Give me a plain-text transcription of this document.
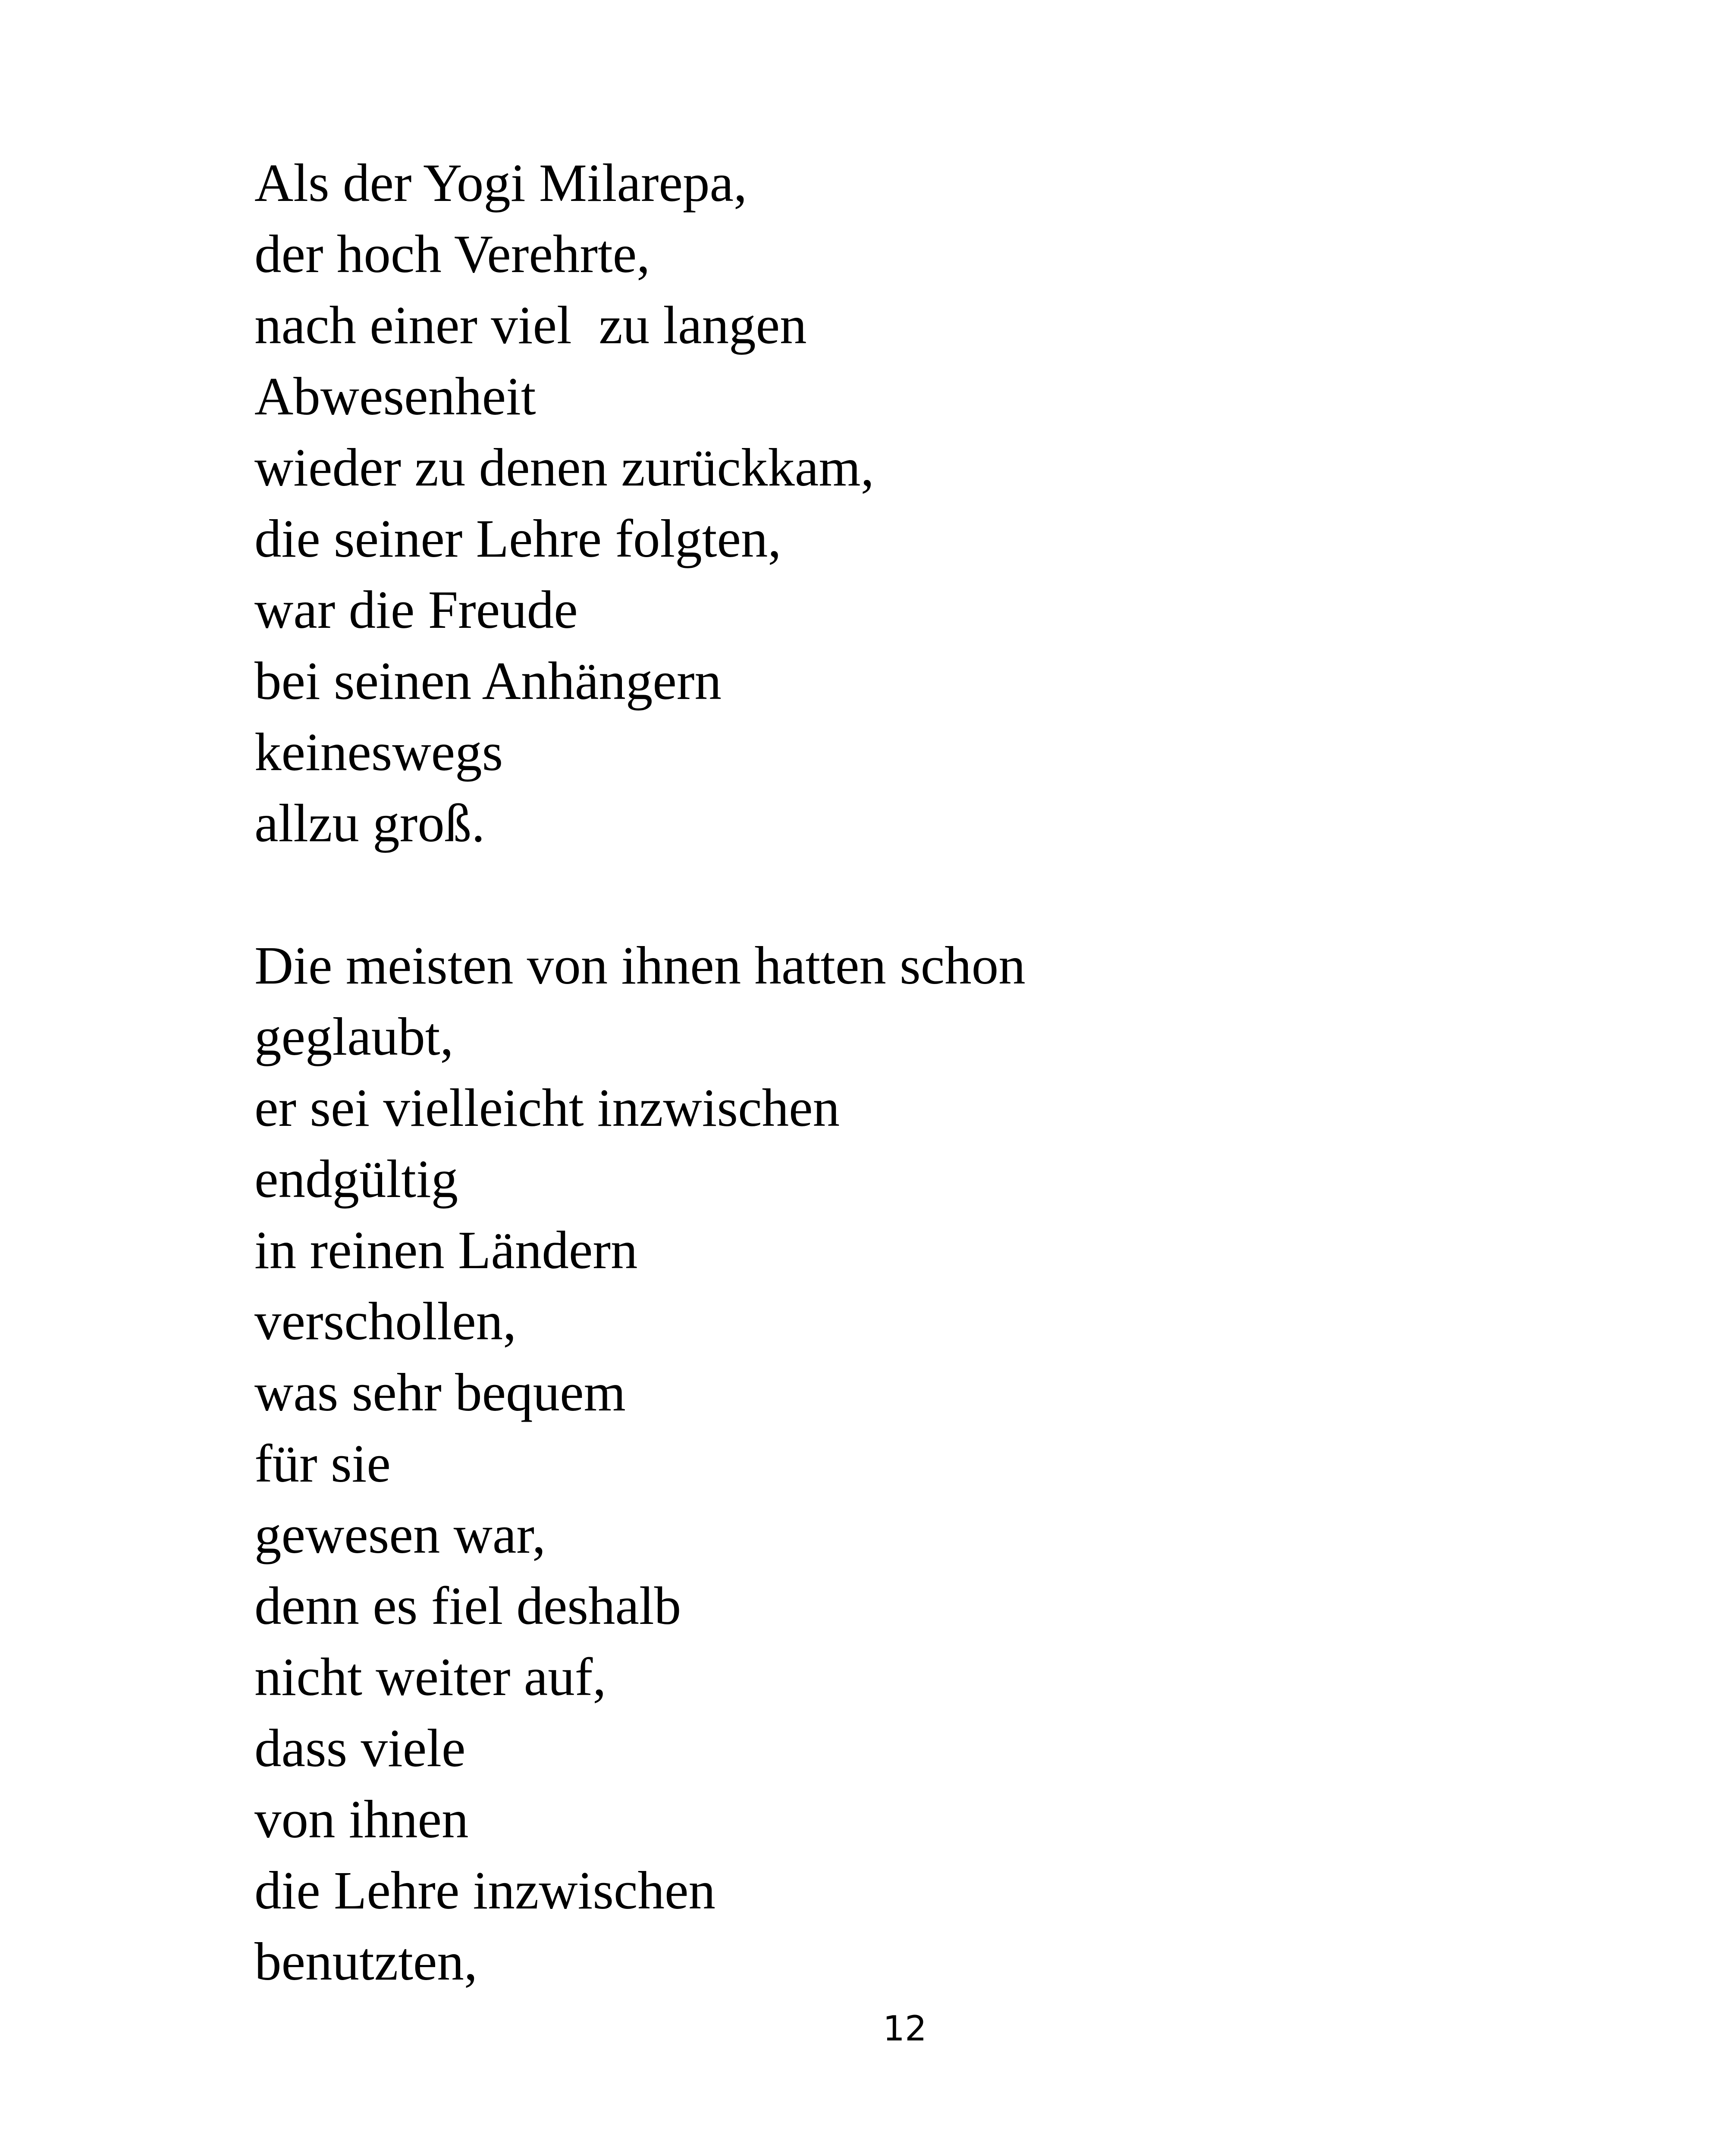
Als der Yogi Milarepa,
der hoch Verehrte,
nach einer viel  zu langen
Abwesenheit
wieder zu denen zurückkam,
die seiner Lehre folgten,
war die Freude
bei seinen Anhängern
keineswegs
allzu groß.
Die meisten von ihnen hatten schon
geglaubt,
er sei vielleicht inzwischen
endgültig
in reinen Ländern
verschollen,
was sehr bequem
für sie
gewesen war,
denn es fiel deshalb
nicht weiter auf,
dass viele
von ihnen
die Lehre inzwischen
benutzten,
12
